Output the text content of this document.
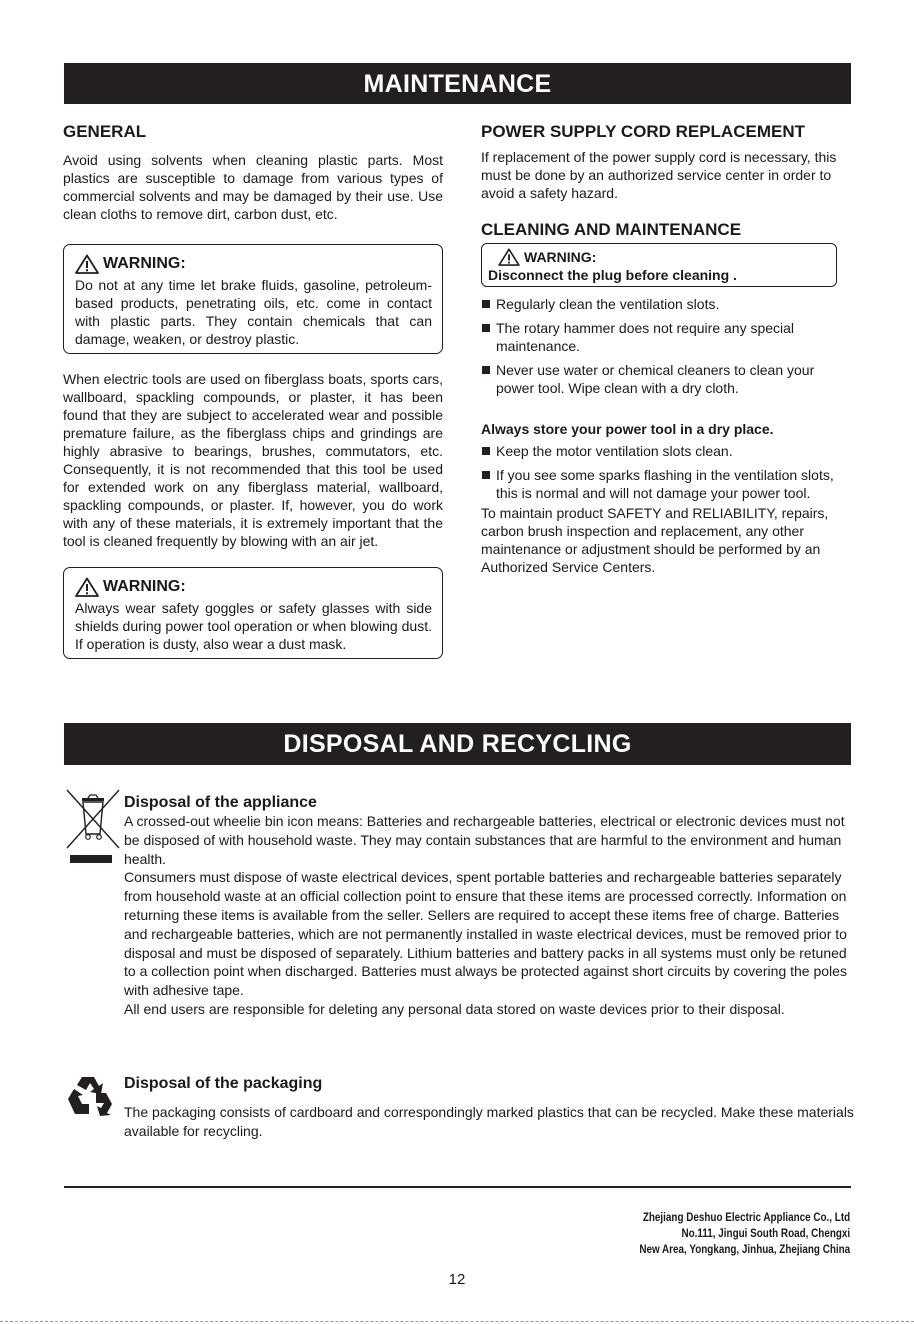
MAINTENANCE
GENERAL

Avoid using solvents when cleaning plastic parts. Most plastics are susceptible to damage from various types of commercial solvents and may be damaged by their use. Use clean cloths to remove dirt, carbon dust, etc.

WARNING:

Do not at any time let brake fluids, gasoline, petroleum-based products, penetrating oils, etc. come in contact with plastic parts. They contain chemicals that can damage, weaken, or destroy plastic.

When electric tools are used on fiberglass boats, sports cars, wallboard, spackling compounds, or plaster, it has been found that they are subject to accelerated wear and possible premature failure, as the fiberglass chips and grindings are highly abrasive to bearings, brushes, commutators, etc. Consequently, it is not recommended that this tool be used for extended work on any fiberglass material, wallboard, spackling compounds, or plaster. If, however, you do work with any of these materials, it is extremely important that the tool is cleaned frequently by blowing with an air jet.

WARNING:

Always wear safety goggles or safety glasses with side shields during power tool operation or when blowing dust. If operation is dusty, also wear a dust mask.

POWER SUPPLY CORD REPLACEMENT

If replacement of the power supply cord is necessary, this must be done by an authorized service center in order to avoid a safety hazard.

CLEANING AND MAINTENANCE
WARNING:

Disconnect the plug before cleaning .

Regularly clean the ventilation slots.
The rotary hammer does not require any special maintenance.
Never use water or chemical cleaners to clean your power tool. Wipe clean with a dry cloth.

Always store your power tool in a dry place.

Keep the motor ventilation slots clean.
If you see some sparks flashing in the ventilation slots, this is normal and will not damage your power tool.

To maintain product SAFETY and RELIABILITY, repairs, carbon brush inspection and replacement, any other maintenance or adjustment should be performed by an Authorized Service Centers.

DISPOSAL AND RECYCLING
Disposal of the appliance

A crossed-out wheelie bin icon means: Batteries and rechargeable batteries, electrical or electronic devices must not be disposed of with household waste. They may contain substances that are harmful to the environment and human health.

Consumers must dispose of waste electrical devices, spent portable batteries and rechargeable batteries separately from household waste at an official collection point to ensure that these items are processed correctly. Information on returning these items is available from the seller. Sellers are required to accept these items free of charge. Batteries and rechargeable batteries, which are not permanently installed in waste electrical devices, must be removed prior to disposal and must be disposed of separately. Lithium batteries and battery packs in all systems must only be retuned to a collection point when discharged. Batteries must always be protected against short circuits by covering the poles with adhesive tape.

All end users are responsible for deleting any personal data stored on waste devices prior to their disposal.

Disposal of the packaging

The packaging consists of cardboard and correspondingly marked plastics that can be recycled. Make these materials available for recycling.

Zhejiang Deshuo Electric Appliance Co., Ltd
No.111, Jingui South Road, Chengxi
New Area, Yongkang, Jinhua, Zhejiang China
12
